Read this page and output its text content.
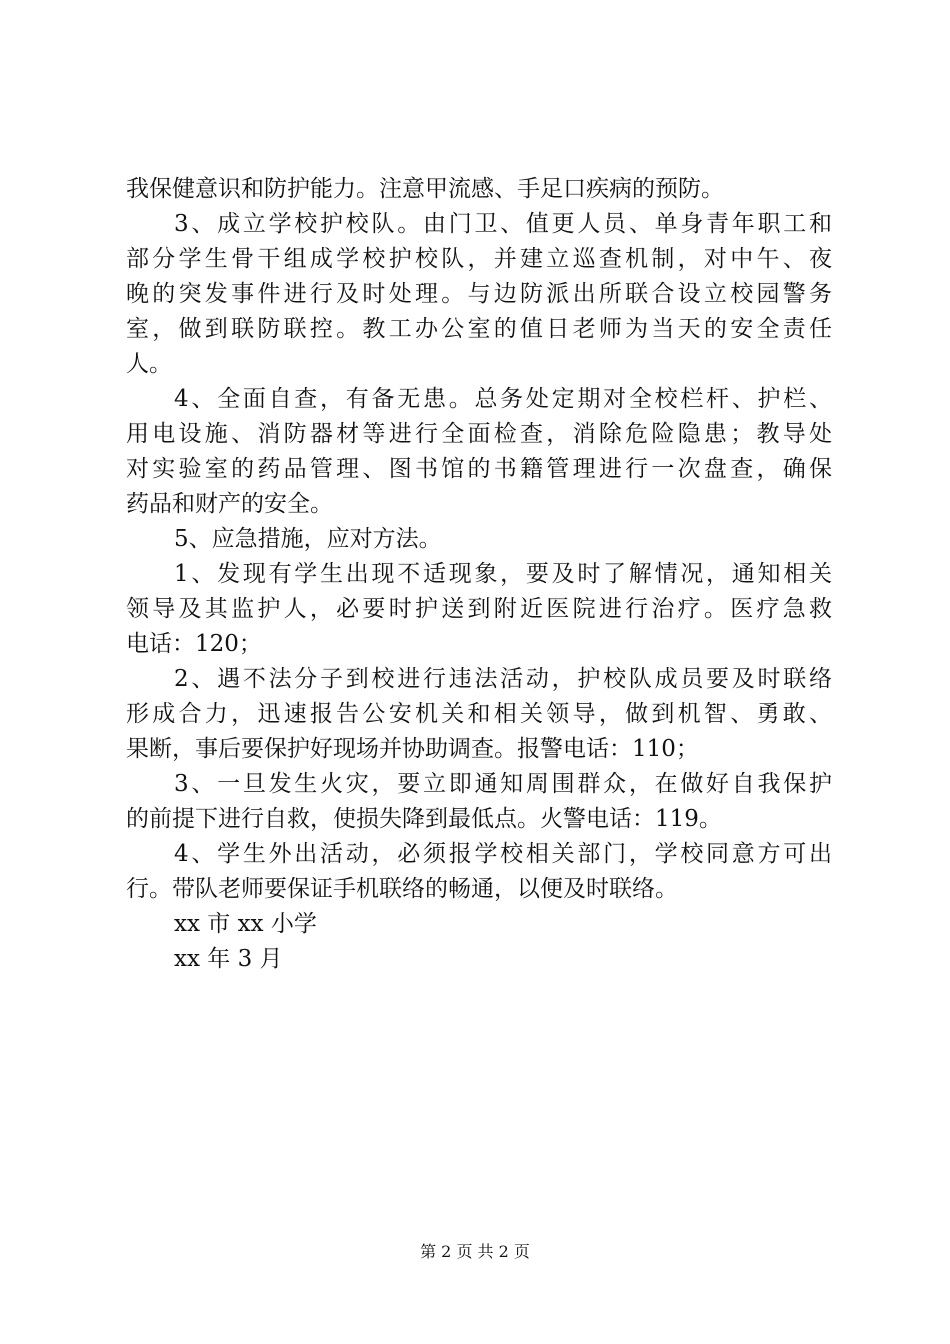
我保健意识和防护能力。注意甲流感、手足口疾病的预防。
3、成立学校护校队。由门卫、值更人员、单身青年职工和
部分学生骨干组成学校护校队，并建立巡查机制，对中午、夜
晚的突发事件进行及时处理。与边防派出所联合设立校园警务
室，做到联防联控。教工办公室的值日老师为当天的安全责任
人。
4、全面自查，有备无患。总务处定期对全校栏杆、护栏、
用电设施、消防器材等进行全面检查，消除危险隐患；教导处
对实验室的药品管理、图书馆的书籍管理进行一次盘查，确保
药品和财产的安全。
5、应急措施，应对方法。
1、发现有学生出现不适现象，要及时了解情况，通知相关
领导及其监护人，必要时护送到附近医院进行治疗。医疗急救
电话：120；
2、遇不法分子到校进行违法活动，护校队成员要及时联络
形成合力，迅速报告公安机关和相关领导，做到机智、勇敢、
果断，事后要保护好现场并协助调查。报警电话：110；
3、一旦发生火灾，要立即通知周围群众，在做好自我保护
的前提下进行自救，使损失降到最低点。火警电话：119。
4、学生外出活动，必须报学校相关部门，学校同意方可出
行。带队老师要保证手机联络的畅通，以便及时联络。
xx 市 xx 小学
xx 年 3 月
第 2 页 共 2 页
